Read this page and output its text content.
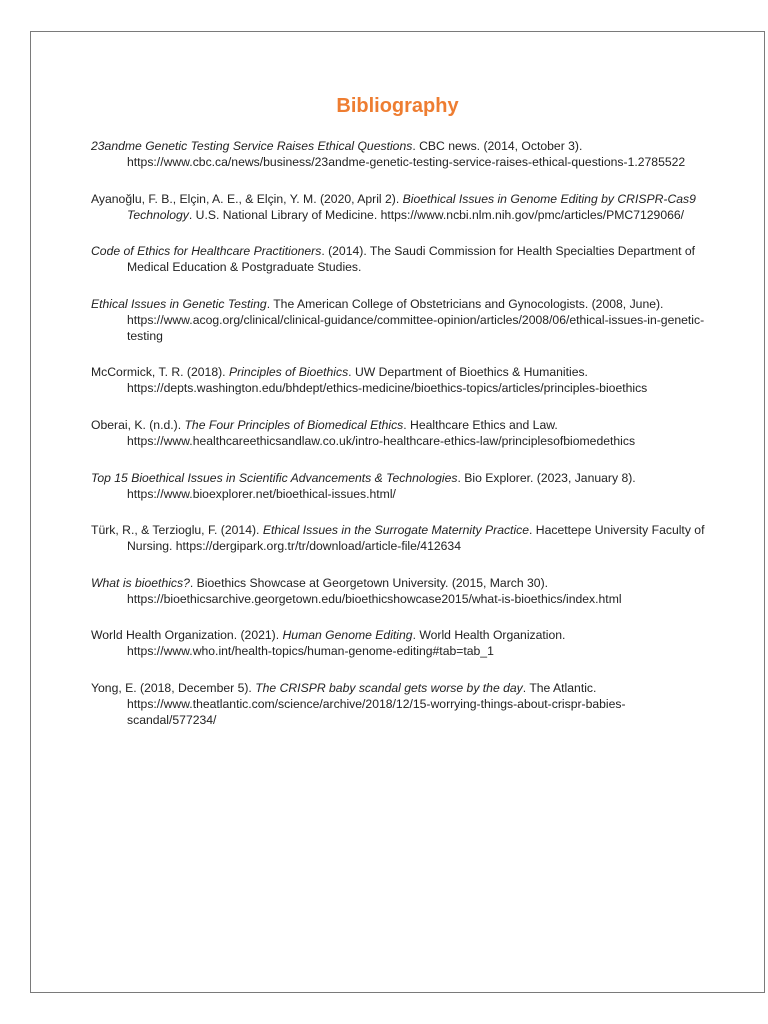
Bibliography
23andme Genetic Testing Service Raises Ethical Questions. CBC news. (2014, October 3). https://www.cbc.ca/news/business/23andme-genetic-testing-service-raises-ethical-questions-1.2785522
Ayanoğlu, F. B., Elçin, A. E., & Elçin, Y. M. (2020, April 2). Bioethical Issues in Genome Editing by CRISPR-Cas9 Technology. U.S. National Library of Medicine. https://www.ncbi.nlm.nih.gov/pmc/articles/PMC7129066/
Code of Ethics for Healthcare Practitioners. (2014). The Saudi Commission for Health Specialties Department of Medical Education & Postgraduate Studies.
Ethical Issues in Genetic Testing. The American College of Obstetricians and Gynocologists. (2008, June). https://www.acog.org/clinical/clinical-guidance/committee-opinion/articles/2008/06/ethical-issues-in-genetic-testing
McCormick, T. R. (2018). Principles of Bioethics. UW Department of Bioethics & Humanities. https://depts.washington.edu/bhdept/ethics-medicine/bioethics-topics/articles/principles-bioethics
Oberai, K. (n.d.). The Four Principles of Biomedical Ethics. Healthcare Ethics and Law. https://www.healthcareethicsandlaw.co.uk/intro-healthcare-ethics-law/principlesofbiomedethics
Top 15 Bioethical Issues in Scientific Advancements & Technologies. Bio Explorer. (2023, January 8). https://www.bioexplorer.net/bioethical-issues.html/
Türk, R., & Terzioglu, F. (2014). Ethical Issues in the Surrogate Maternity Practice. Hacettepe University Faculty of Nursing. https://dergipark.org.tr/tr/download/article-file/412634
What is bioethics?. Bioethics Showcase at Georgetown University. (2015, March 30). https://bioethicsarchive.georgetown.edu/bioethicshowcase2015/what-is-bioethics/index.html
World Health Organization. (2021). Human Genome Editing. World Health Organization. https://www.who.int/health-topics/human-genome-editing#tab=tab_1
Yong, E. (2018, December 5). The CRISPR baby scandal gets worse by the day. The Atlantic. https://www.theatlantic.com/science/archive/2018/12/15-worrying-things-about-crispr-babies-scandal/577234/
